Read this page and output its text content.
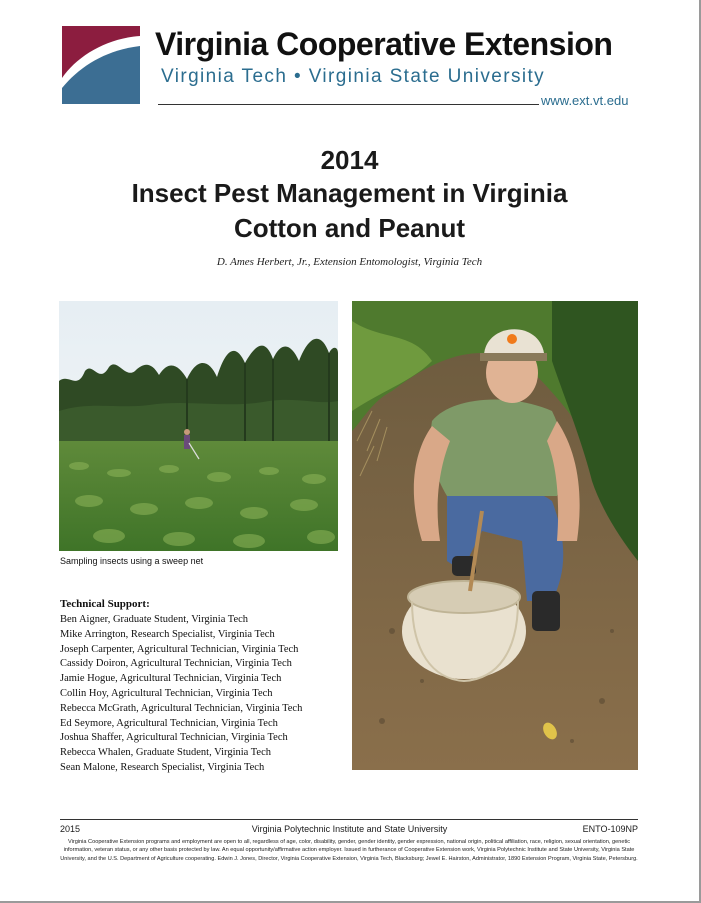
Virginia Cooperative Extension
Virginia Tech • Virginia State University
www.ext.vt.edu
2014
Insect Pest Management in Virginia
Cotton and Peanut
D. Ames Herbert, Jr., Extension Entomologist, Virginia Tech
Sampling insects using a sweep net
Technical Support:
Ben Aigner, Graduate Student, Virginia Tech
Mike Arrington, Research Specialist, Virginia Tech
Joseph Carpenter, Agricultural Technician, Virginia Tech
Cassidy Doiron, Agricultural Technician, Virginia Tech
Jamie Hogue, Agricultural Technician, Virginia Tech
Collin Hoy, Agricultural Technician, Virginia Tech
Rebecca McGrath, Agricultural Technician, Virginia Tech
Ed Seymore, Agricultural Technician, Virginia Tech
Joshua Shaffer, Agricultural Technician, Virginia Tech
Rebecca Whalen, Graduate Student, Virginia Tech
Sean Malone, Research Specialist, Virginia Tech
2015	Virginia Polytechnic Institute and State University	ENTO-109NP
Virginia Cooperative Extension programs and employment are open to all, regardless of age, color, disability, gender, gender identity, gender expression, national origin, political affiliation, race, religion, sexual orientation, genetic information, veteran status, or any other basis protected by law. An equal opportunity/affirmative action employer. Issued in furtherance of Cooperative Extension work, Virginia Polytechnic Institute and State University, Virginia State University, and the U.S. Department of Agriculture cooperating. Edwin J. Jones, Director, Virginia Cooperative Extension, Virginia Tech, Blacksburg; Jewel E. Hairston, Administrator, 1890 Extension Program, Virginia State, Petersburg.
